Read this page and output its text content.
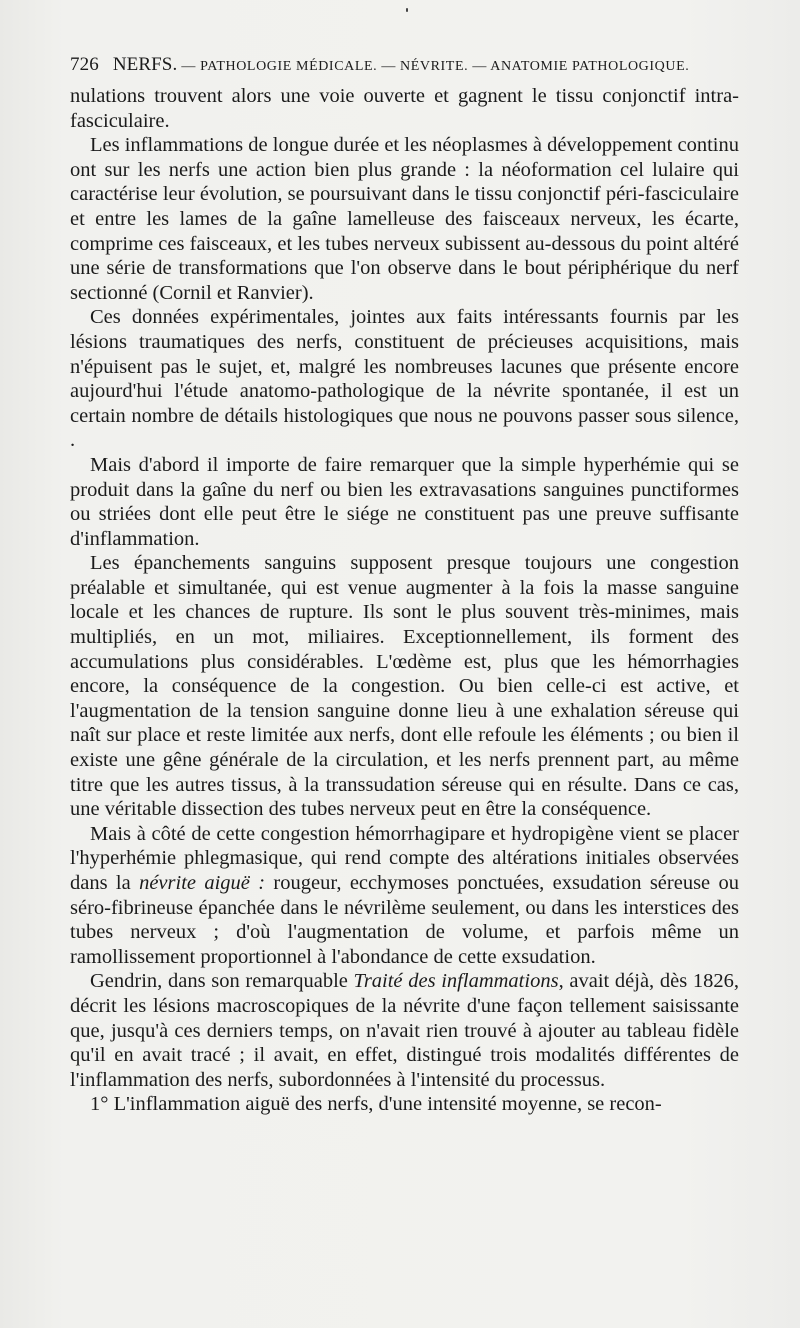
726 NERFS. — PATHOLOGIE MÉDICALE. — NÉVRITE. — ANATOMIE PATHOLOGIQUE.

nulations trouvent alors une voie ouverte et gagnent le tissu conjonctif intra-fasciculaire.

Les inflammations de longue durée et les néoplasmes à développement continu ont sur les nerfs une action bien plus grande : la néoformation cel lulaire qui caractérise leur évolution, se poursuivant dans le tissu conjonctif péri-fasciculaire et entre les lames de la gaîne lamelleuse des faisceaux nerveux, les écarte, comprime ces faisceaux, et les tubes nerveux subissent au-dessous du point altéré une série de transformations que l'on observe dans le bout périphérique du nerf sectionné (Cornil et Ranvier).

Ces données expérimentales, jointes aux faits intéressants fournis par les lésions traumatiques des nerfs, constituent de précieuses acquisitions, mais n'épuisent pas le sujet, et, malgré les nombreuses lacunes que présente encore aujourd'hui l'étude anatomo-pathologique de la névrite spontanée, il est un certain nombre de détails histologiques que nous ne pouvons passer sous silence, .

Mais d'abord il importe de faire remarquer que la simple hyperhémie qui se produit dans la gaîne du nerf ou bien les extravasations sanguines punctiformes ou striées dont elle peut être le siége ne constituent pas une preuve suffisante d'inflammation.

Les épanchements sanguins supposent presque toujours une congestion préalable et simultanée, qui est venue augmenter à la fois la masse sanguine locale et les chances de rupture. Ils sont le plus souvent très-minimes, mais multipliés, en un mot, miliaires. Exceptionnellement, ils forment des accumulations plus considérables. L'œdème est, plus que les hémorrhagies encore, la conséquence de la congestion. Ou bien celle-ci est active, et l'augmentation de la tension sanguine donne lieu à une exhalation séreuse qui naît sur place et reste limitée aux nerfs, dont elle refoule les éléments ; ou bien il existe une gêne générale de la circulation, et les nerfs prennent part, au même titre que les autres tissus, à la transsudation séreuse qui en résulte. Dans ce cas, une véritable dissection des tubes nerveux peut en être la conséquence.

Mais à côté de cette congestion hémorrhagipare et hydropigène vient se placer l'hyperhémie phlegmasique, qui rend compte des altérations initiales observées dans la névrite aiguë : rougeur, ecchymoses ponctuées, exsudation séreuse ou séro-fibrineuse épanchée dans le névrilème seulement, ou dans les interstices des tubes nerveux ; d'où l'augmentation de volume, et parfois même un ramollissement proportionnel à l'abondance de cette exsudation.

Gendrin, dans son remarquable Traité des inflammations, avait déjà, dès 1826, décrit les lésions macroscopiques de la névrite d'une façon tellement saisissante que, jusqu'à ces derniers temps, on n'avait rien trouvé à ajouter au tableau fidèle qu'il en avait tracé ; il avait, en effet, distingué trois modalités différentes de l'inflammation des nerfs, subordonnées à l'intensité du processus.

1° L'inflammation aiguë des nerfs, d'une intensité moyenne, se recon-
